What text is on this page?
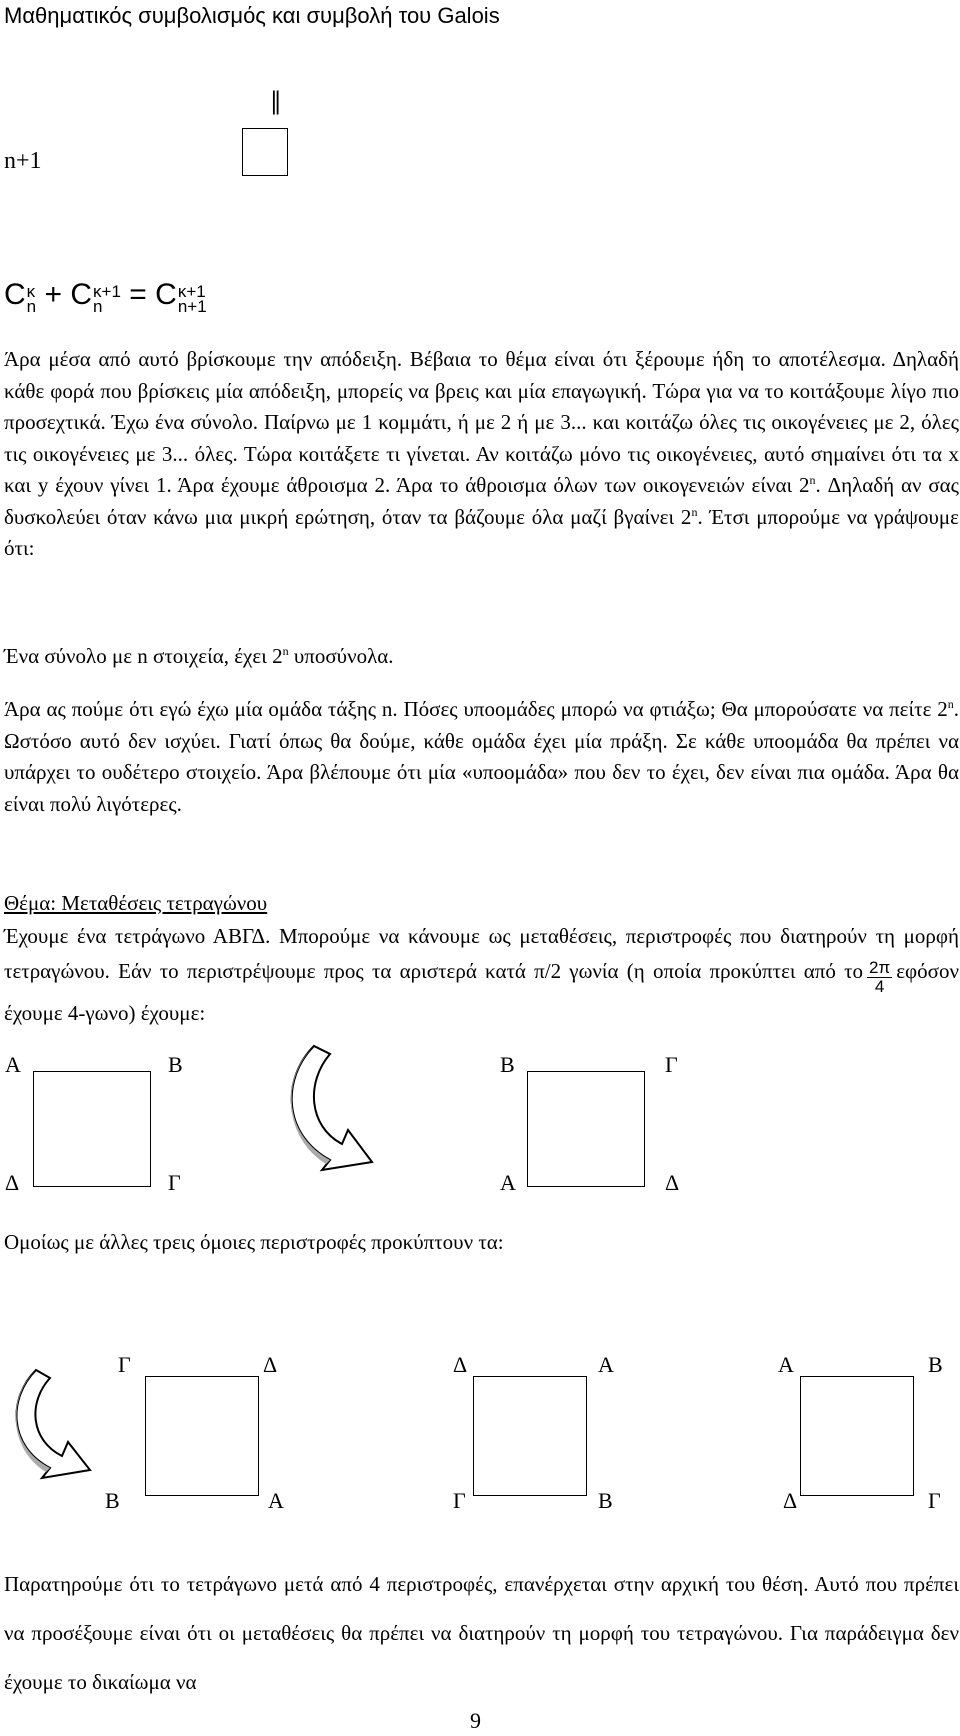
Μαθηματικός συμβολισμός και συμβολή του Galois
n+1
||
Cκ
n + Cκ+1
n = Cκ+1
n+1
Άρα μέσα από αυτό βρίσκουμε την απόδειξη. Βέβαια το θέμα είναι ότι ξέρουμε ήδη το αποτέλεσμα. Δηλαδή κάθε φορά που βρίσκεις μία απόδειξη, μπορείς να βρεις και μία επαγωγική. Τώρα για να το κοιτάξουμε λίγο πιο προσεχτικά. Έχω ένα σύνολο. Παίρνω με 1 κομμάτι, ή με 2 ή με 3... και κοιτάζω όλες τις οικογένειες με 2, όλες τις οικογένειες με 3... όλες. Τώρα κοιτάξετε τι γίνεται. Αν κοιτάζω μόνο τις οικογένειες, αυτό σημαίνει ότι τα x και y έχουν γίνει 1. Άρα έχουμε άθροισμα 2. Άρα το άθροισμα όλων των οικογενειών είναι 2$^n$. Δηλαδή αν σας δυσκολεύει όταν κάνω μια μικρή ερώτηση, όταν τα βάζουμε όλα μαζί βγαίνει 2$^n$. Έτσι μπορούμε να γράψουμε ότι:
Ένα σύνολο με n στοιχεία, έχει 2$^n$ υποσύνολα.
Άρα ας πούμε ότι εγώ έχω μία ομάδα τάξης n. Πόσες υποομάδες μπορώ να φτιάξω; Θα μπορούσατε να πείτε 2$^n$. Ωστόσο αυτό δεν ισχύει. Γιατί όπως θα δούμε, κάθε ομάδα έχει μία πράξη. Σε κάθε υποομάδα θα πρέπει να υπάρχει το ουδέτερο στοιχείο. Άρα βλέπουμε ότι μία «υποομάδα» που δεν το έχει, δεν είναι πια ομάδα. Άρα θα είναι πολύ λιγότερες.
Θέμα: Μεταθέσεις τετραγώνου
Έχουμε ένα τετράγωνο ΑΒΓΔ. Μπορούμε να κάνουμε ως μεταθέσεις, περιστροφές που διατηρούν τη μορφή τετραγώνου. Εάν το περιστρέψουμε προς τα αριστερά κατά π/2 γωνία (η οποία προκύπτει από το $\frac{2\pi}{4}$ εφόσον έχουμε 4-γωνο) έχουμε:
Α	Β
Δ	Γ
Β	Γ
Α	Δ
Ομοίως με άλλες τρεις όμοιες περιστροφές προκύπτουν τα:
Γ	Δ
Β	Α
Δ	Α
Γ	Β
Α	Β
Δ	Γ
Παρατηρούμε ότι το τετράγωνο μετά από 4 περιστροφές, επανέρχεται στην αρχική του θέση. Αυτό που πρέπει να προσέξουμε είναι ότι οι μεταθέσεις θα πρέπει να διατηρούν τη μορφή του τετραγώνου. Για παράδειγμα δεν έχουμε το δικαίωμα να
9
